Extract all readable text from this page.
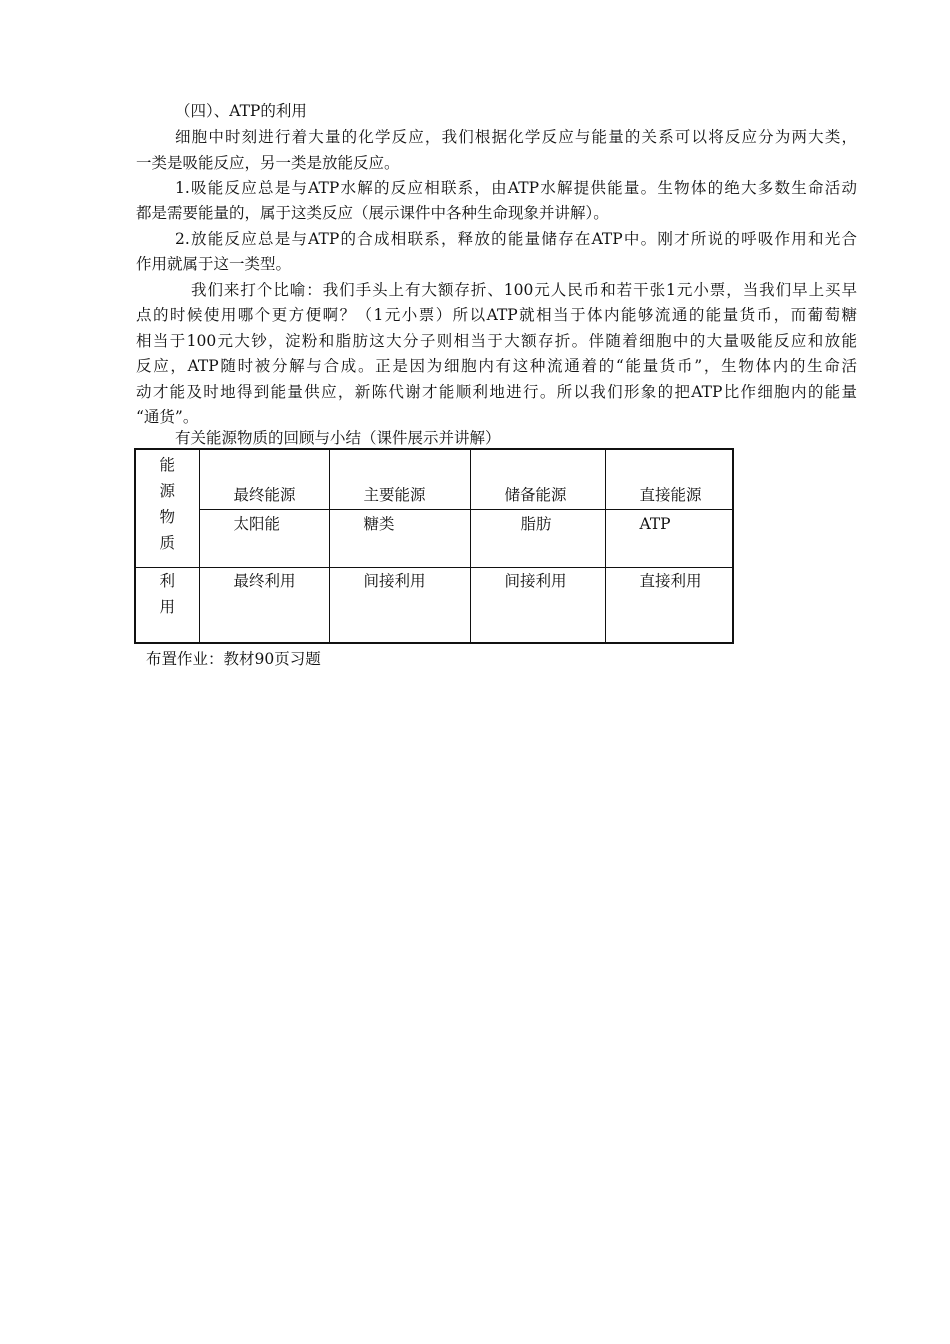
（四）、ATP的利用
细胞中时刻进行着大量的化学反应，我们根据化学反应与能量的关系可以将反应分为两大类，
一类是吸能反应，另一类是放能反应。
1.吸能反应总是与ATP水解的反应相联系，由ATP水解提供能量。生物体的绝大多数生命活动
都是需要能量的，属于这类反应（展示课件中各种生命现象并讲解）。
2.放能反应总是与ATP的合成相联系，释放的能量储存在ATP中。刚才所说的呼吸作用和光合
作用就属于这一类型。
我们来打个比喻：我们手头上有大额存折、100元人民币和若干张1元小票，当我们早上买早
点的时候使用哪个更方便啊？（1元小票）所以ATP就相当于体内能够流通的能量货币，而葡萄糖
相当于100元大钞，淀粉和脂肪这大分子则相当于大额存折。伴随着细胞中的大量吸能反应和放能
反应，ATP随时被分解与合成。正是因为细胞内有这种流通着的“能量货币”，生物体内的生命活
动才能及时地得到能量供应，新陈代谢才能顺利地进行。所以我们形象的把ATP比作细胞内的能量
“通货”。
有关能源物质的回顾与小结（课件展示并讲解）
能
源
物
质	最终能源	主要能源	储备能源	直接能源

	太阳能	糖类	脂肪	ATP

利
用	最终利用	间接利用	间接利用	直接利用
布置作业：教材90页习题
